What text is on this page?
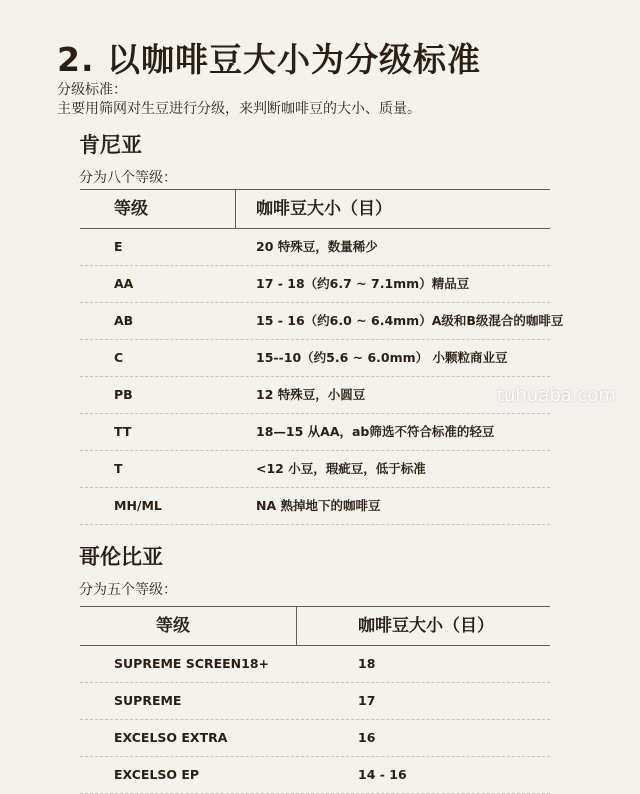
2. 以咖啡豆大小为分级标准
分级标准：
主要用筛网对生豆进行分级，来判断咖啡豆的大小、质量。
肯尼亚
分为八个等级：
等级	咖啡豆大小（目）
E	20 特殊豆，数量稀少
AA	17 - 18（约6.7 ~ 7.1mm）精品豆
AB	15 - 16（约6.0 ~ 6.4mm）A级和B级混合的咖啡豆
C	15--10（约5.6 ~ 6.0mm） 小颗粒商业豆
PB	12 特殊豆，小圆豆
TT	18—15 从AA，ab筛选不符合标准的轻豆
T	<12 小豆，瑕疵豆，低于标准
MH/ML	NA 熟掉地下的咖啡豆
哥伦比亚
分为五个等级：
等级	咖啡豆大小（目）
SUPREME SCREEN18+	18
SUPREME	17
EXCELSO EXTRA	16
EXCELSO EP	14 - 16
tuhuaba.com
